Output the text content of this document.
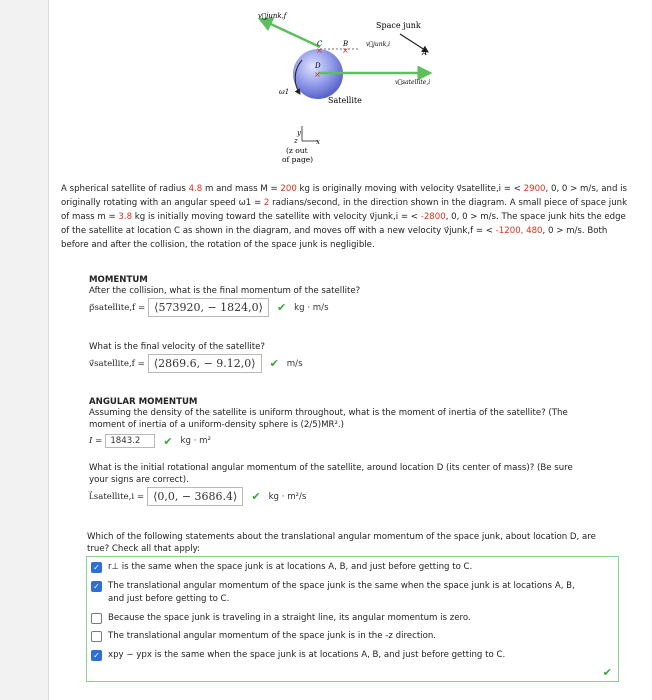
v⃗junk,f
ω1
v⃗satellite,i
Space junk
v⃗junk,i
A
C
×
B
×
D
×
Satellite
y
x
z
(z out
of page)
A spherical satellite of radius 4.8 m and mass M = 200 kg is originally moving with velocity v⃗satellite,i = < 2900, 0, 0 > m/s, and is originally rotating with an angular speed ω1 = 2 radians/second, in the direction shown in the diagram. A small piece of space junk of mass m = 3.8 kg is initially moving toward the satellite with velocity v⃗junk,i = < -2800, 0, 0 > m/s. The space junk hits the edge of the satellite at location C as shown in the diagram, and moves off with a new velocity v⃗junk,f = < -1200, 480, 0 > m/s. Both before and after the collision, the rotation of the space junk is negligible.
MOMENTUM
After the collision, what is the final momentum of the satellite?
p⃗satellite,f = ⟨573920, − 1824,0⟩	✔ kg · m/s
What is the final velocity of the satellite?
v⃗satellite,f = ⟨2869.6, − 9.12,0⟩	✔ m/s
ANGULAR MOMENTUM
Assuming the density of the satellite is uniform throughout, what is the moment of inertia of the satellite? (The
moment of inertia of a uniform-density sphere is (2/5)MR².)
I = 1843.2	✔ kg · m²
What is the initial rotational angular momentum of the satellite, around location D (its center of mass)? (Be sure
your signs are correct).
L⃗satellite,i = ⟨0,0, − 3686.4⟩	✔ kg · m²/s
Which of the following statements about the translational angular momentum of the space junk, about location D, are
true? Check all that apply:
✓ r⊥ is the same when the space junk is at locations A, B, and just before getting to C.
✓ The translational angular momentum of the space junk is the same when the space junk is at locations A, B,
and just before getting to C.
Because the space junk is traveling in a straight line, its angular momentum is zero.
The translational angular momentum of the space junk is in the -z direction.
✓ xpy − ypx is the same when the space junk is at locations A, B, and just before getting to C.
✔
